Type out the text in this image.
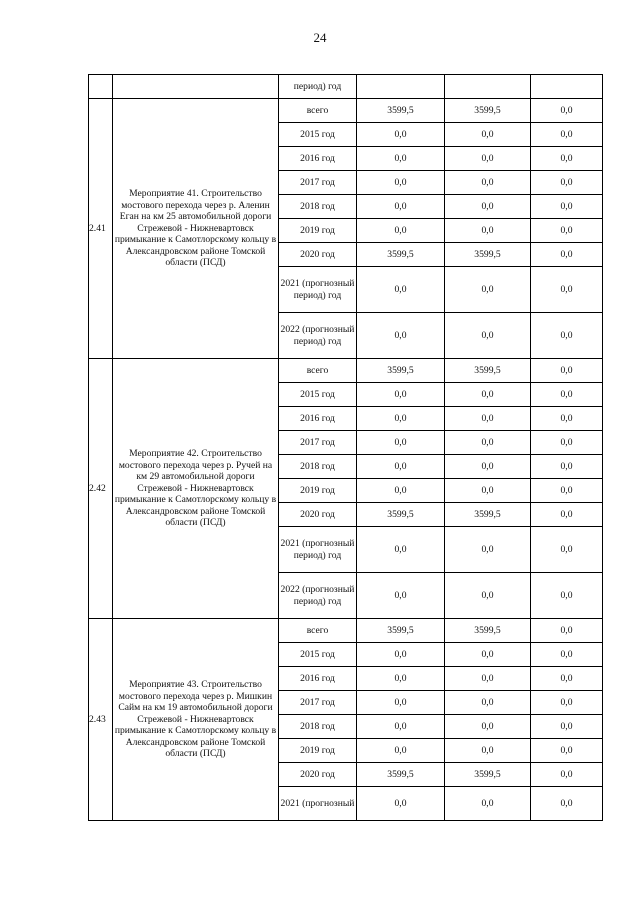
24
		период) год			
2.41	Мероприятие 41. Строительство мостового перехода через р. Аленин Еган на км 25 автомобильной дороги Стрежевой - Нижневартовск примыкание к Самотлорскому кольцу в Александровском районе Томской области (ПСД)	всего	3599,5	3599,5	0,0
		2015 год	0,0	0,0	0,0
		2016 год	0,0	0,0	0,0
		2017 год	0,0	0,0	0,0
		2018 год	0,0	0,0	0,0
		2019 год	0,0	0,0	0,0
		2020 год	3599,5	3599,5	0,0
		2021 (прогнозный период) год	0,0	0,0	0,0
		2022 (прогнозный период) год	0,0	0,0	0,0
2.42	Мероприятие 42. Строительство мостового перехода через р. Ручей на км 29 автомобильной дороги Стрежевой - Нижневартовск примыкание к Самотлорскому кольцу в Александровском районе Томской области (ПСД)	всего	3599,5	3599,5	0,0
		2015 год	0,0	0,0	0,0
		2016 год	0,0	0,0	0,0
		2017 год	0,0	0,0	0,0
		2018 год	0,0	0,0	0,0
		2019 год	0,0	0,0	0,0
		2020 год	3599,5	3599,5	0,0
		2021 (прогнозный период) год	0,0	0,0	0,0
		2022 (прогнозный период) год	0,0	0,0	0,0
2.43	Мероприятие 43. Строительство мостового перехода через р. Мишкин Сайм на км 19 автомобильной дороги Стрежевой - Нижневартовск примыкание к Самотлорскому кольцу в Александровском районе Томской области (ПСД)	всего	3599,5	3599,5	0,0
		2015 год	0,0	0,0	0,0
		2016 год	0,0	0,0	0,0
		2017 год	0,0	0,0	0,0
		2018 год	0,0	0,0	0,0
		2019 год	0,0	0,0	0,0
		2020 год	3599,5	3599,5	0,0
		2021 (прогнозный	0,0	0,0	0,0
